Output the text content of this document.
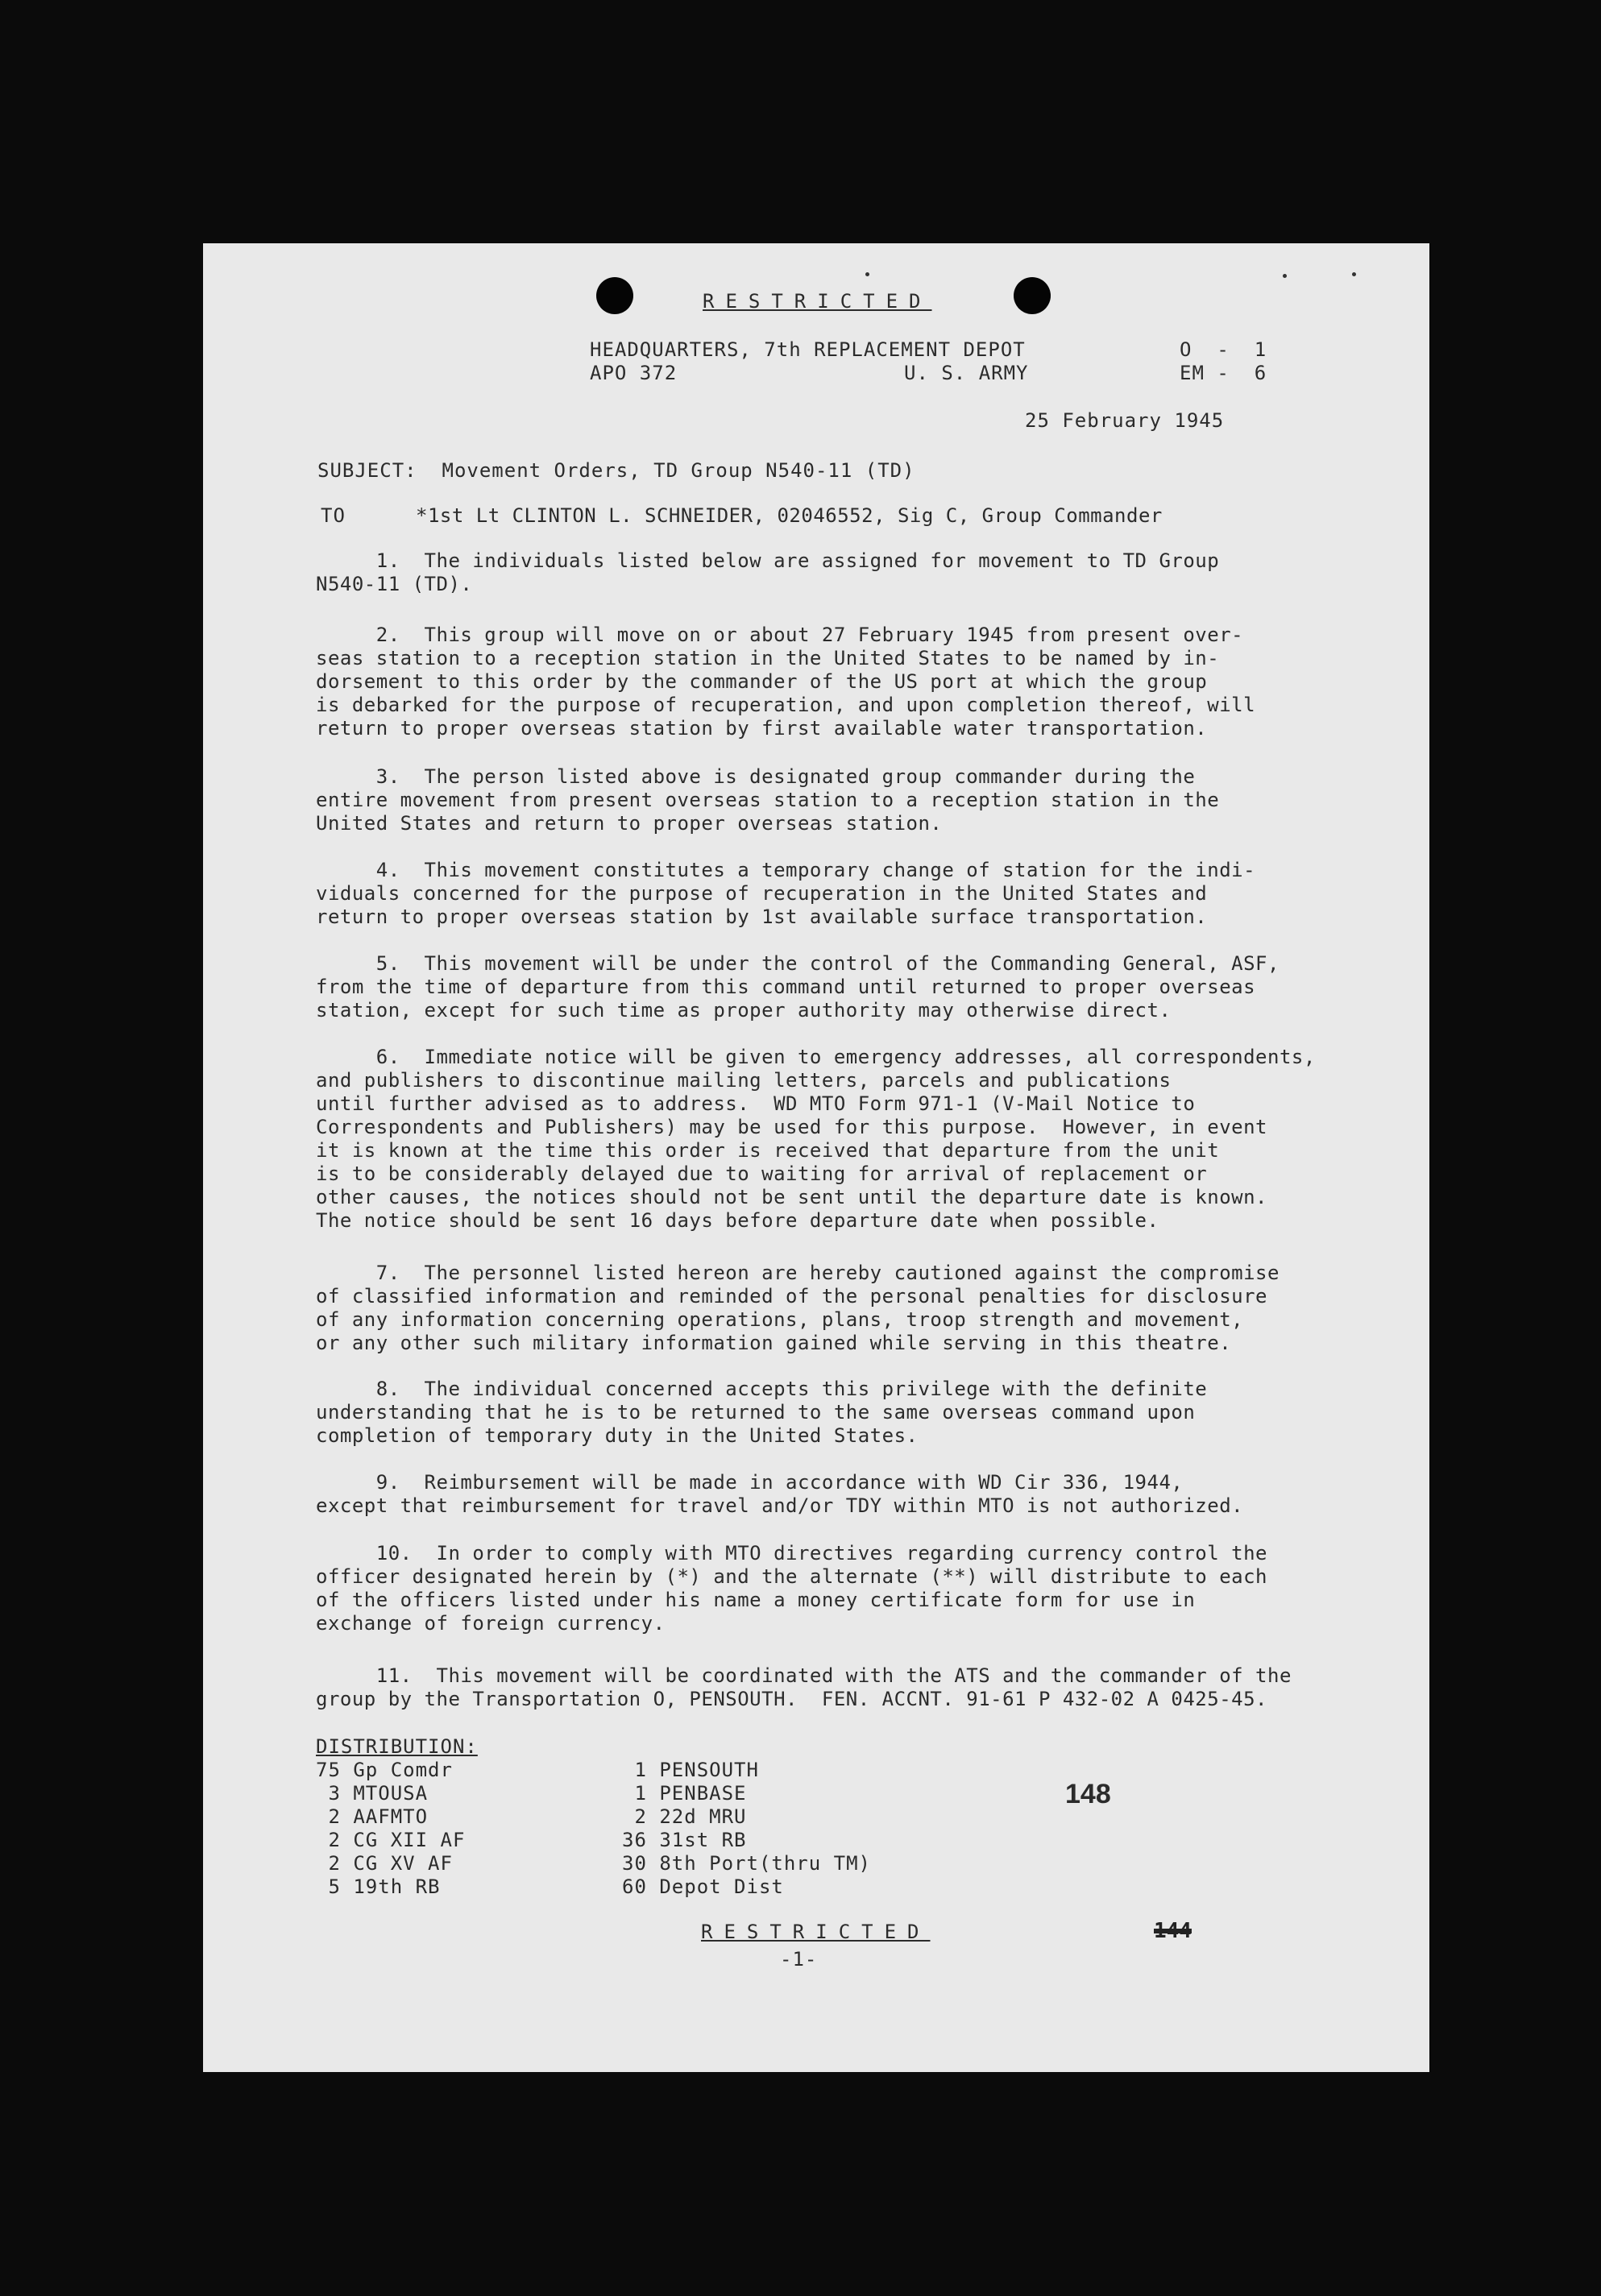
RESTRICTED
HEADQUARTERS, 7th REPLACEMENT DEPOT
APO 372	U. S. ARMY
O  -  1
EM -  6
25 February 1945
SUBJECT:  Movement Orders, TD Group N540-11 (TD)
TO	*1st Lt CLINTON L. SCHNEIDER, 02046552, Sig C, Group Commander
1.  The individuals listed below are assigned for movement to TD Group
N540-11 (TD).
2.  This group will move on or about 27 February 1945 from present over-
seas station to a reception station in the United States to be named by in-
dorsement to this order by the commander of the US port at which the group
is debarked for the purpose of recuperation, and upon completion thereof, will
return to proper overseas station by first available water transportation.
3.  The person listed above is designated group commander during the
entire movement from present overseas station to a reception station in the
United States and return to proper overseas station.
4.  This movement constitutes a temporary change of station for the indi-
viduals concerned for the purpose of recuperation in the United States and
return to proper overseas station by 1st available surface transportation.
5.  This movement will be under the control of the Commanding General, ASF,
from the time of departure from this command until returned to proper overseas
station, except for such time as proper authority may otherwise direct.
6.  Immediate notice will be given to emergency addresses, all correspondents,
and publishers to discontinue mailing letters, parcels and publications
until further advised as to address.  WD MTO Form 971-1 (V-Mail Notice to
Correspondents and Publishers) may be used for this purpose.  However, in event
it is known at the time this order is received that departure from the unit
is to be considerably delayed due to waiting for arrival of replacement or
other causes, the notices should not be sent until the departure date is known.
The notice should be sent 16 days before departure date when possible.
7.  The personnel listed hereon are hereby cautioned against the compromise
of classified information and reminded of the personal penalties for disclosure
of any information concerning operations, plans, troop strength and movement,
or any other such military information gained while serving in this theatre.
8.  The individual concerned accepts this privilege with the definite
understanding that he is to be returned to the same overseas command upon
completion of temporary duty in the United States.
9.  Reimbursement will be made in accordance with WD Cir 336, 1944,
except that reimbursement for travel and/or TDY within MTO is not authorized.
10.  In order to comply with MTO directives regarding currency control the
officer designated herein by (*) and the alternate (**) will distribute to each
of the officers listed under his name a money certificate form for use in
exchange of foreign currency.
11.  This movement will be coordinated with the ATS and the commander of the
group by the Transportation O, PENSOUTH.  FEN. ACCNT. 91-61 P 432-02 A 0425-45.
DISTRIBUTION:
75 Gp Comdr
3 MTOUSA
2 AAFMTO
2 CG XII AF
2 CG XV AF
5 19th RB
1 PENSOUTH
1 PENBASE
2 22d MRU
36 31st RB
30 8th Port(thru TM)
60 Depot Dist
148
RESTRICTED
-1-
144
